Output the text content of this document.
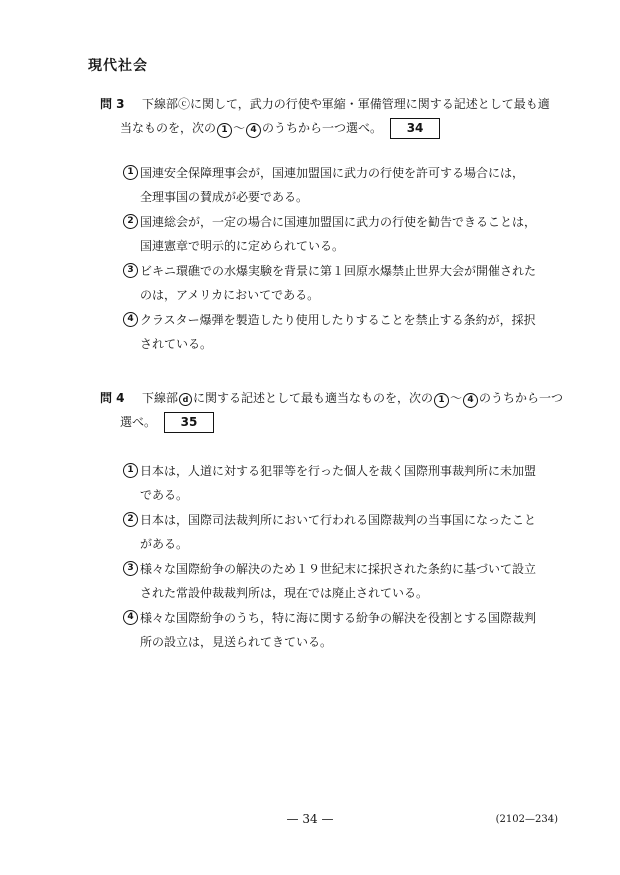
現代社会
問 3 下線部ⓒに関して，武力の行使や軍縮・軍備管理に関する記述として最も適
当なものを，次の 1 ～ 4 のうちから一つ選べ。 34
1 国連安全保障理事会が，国連加盟国に武力の行使を許可する場合には，
全理事国の賛成が必要である。
2 国連総会が，一定の場合に国連加盟国に武力の行使を勧告できることは，
国連憲章で明示的に定められている。
3 ビキニ環礁での水爆実験を背景に第１回原水爆禁止世界大会が開催された
のは，アメリカにおいてである。
4 クラスター爆弾を製造したり使用したりすることを禁止する条約が，採択
されている。
問 4 下線部 d に関する記述として最も適当なものを，次の 1 ～ 4 のうちから一つ
選べ。 35
1 日本は，人道に対する犯罪等を行った個人を裁く国際刑事裁判所に未加盟
である。
2 日本は，国際司法裁判所において行われる国際裁判の当事国になったこと
がある。
3 様々な国際紛争の解決のため１９世紀末に採択された条約に基づいて設立
された常設仲裁裁判所は，現在では廃止されている。
4 様々な国際紛争のうち，特に海に関する紛争の解決を役割とする国際裁判
所の設立は，見送られてきている。
— 34 —	(2102—234)
